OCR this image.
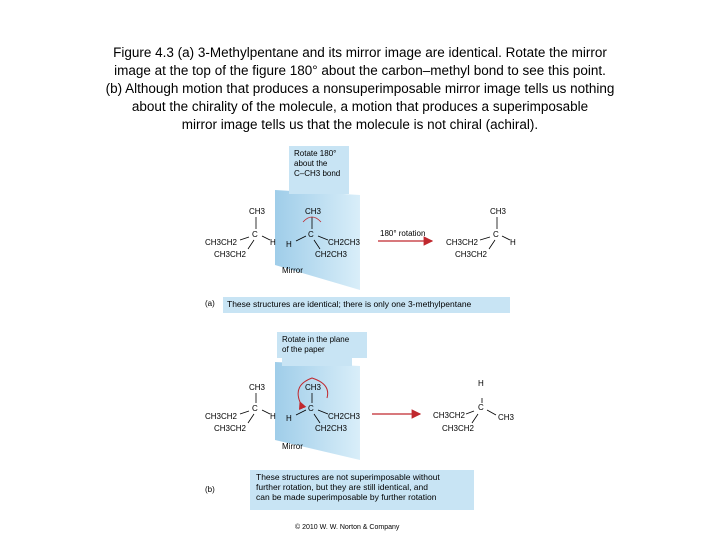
Figure 4.3 (a) 3-Methylpentane and its mirror image are identical. Rotate the mirror
image at the top of the figure 180° about the carbon–methyl bond to see this point.
(b) Although motion that produces a nonsuperimposable mirror image tells us nothing
about the chirality of the molecule, a motion that produces a superimposable
mirror image tells us that the molecule is not chiral (achiral).
Rotate 180°
about the
C–CH3 bond
CH3
C
CH3CH2	H
CH3CH2
CH3
C
H	CH2CH3
CH2CH3
Mirror
180° rotation
CH3
C
CH3CH2	H
CH3CH2
(a)	These structures are identical; there is only one 3-methylpentane
Rotate in the plane
of the paper
CH3
C
CH3CH2	H
CH3CH2
CH3
C
H	CH2CH3
CH2CH3
Mirror
H
C
CH3CH2	CH3
CH3CH2
(b)
These structures are not superimposable without
further rotation, but they are still identical, and
can be made superimposable by further rotation
© 2010 W. W. Norton & Company
